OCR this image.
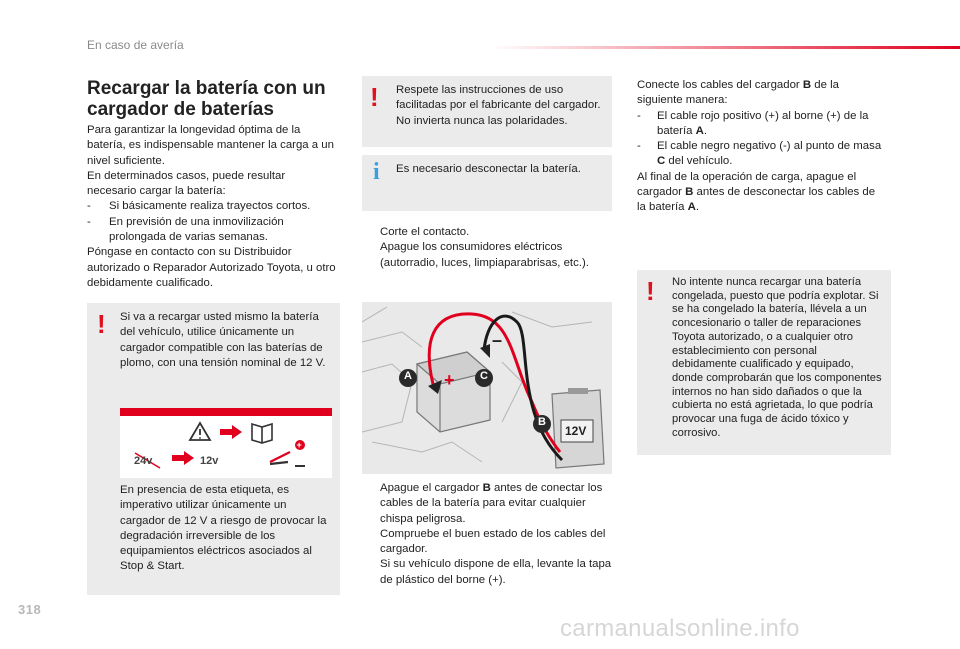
En caso de avería
Recargar la batería con un cargador de baterías
Para garantizar la longevidad óptima de la batería, es indispensable mantener la carga a un nivel suficiente.
En determinados casos, puede resultar necesario cargar la batería:
-	Si básicamente realiza trayectos cortos.
-	En previsión de una inmovilización prolongada de varias semanas.
Póngase en contacto con su Distribuidor autorizado o Reparador Autorizado Toyota, u otro debidamente cualificado.
! Si va a recargar usted mismo la batería del vehículo, utilice únicamente un cargador compatible con las baterías de plomo, con una tensión nominal de 12 V.
+
24v	12v
En presencia de esta etiqueta, es imperativo utilizar únicamente un cargador de 12 V a riesgo de provocar la degradación irreversible de los equipamientos eléctricos asociados al Stop & Start.
! Respete las instrucciones de uso facilitadas por el fabricante del cargador. No invierta nunca las polaridades.
i Es necesario desconectar la batería.
Corte el contacto.
Apague los consumidores eléctricos (autorradio, luces, limpiaparabrisas, etc.).
A	C
B
12V
+
–
Apague el cargador B antes de conectar los cables de la batería para evitar cualquier chispa peligrosa.
Compruebe el buen estado de los cables del cargador.
Si su vehículo dispone de ella, levante la tapa de plástico del borne (+).
Conecte los cables del cargador B de la siguiente manera:
-	El cable rojo positivo (+) al borne (+) de la batería A.
-	El cable negro negativo (-) al punto de masa C del vehículo.
Al final de la operación de carga, apague el cargador B antes de desconectar los cables de la batería A.
! No intente nunca recargar una batería congelada, puesto que podría explotar. Si se ha congelado la batería, llévela a un concesionario o taller de reparaciones Toyota autorizado, o a cualquier otro establecimiento con personal debidamente cualificado y equipado, donde comprobarán que los componentes internos no han sido dañados o que la cubierta no está agrietada, lo que podría provocar una fuga de ácido tóxico y corrosivo.
318
carmanualsonline.info
